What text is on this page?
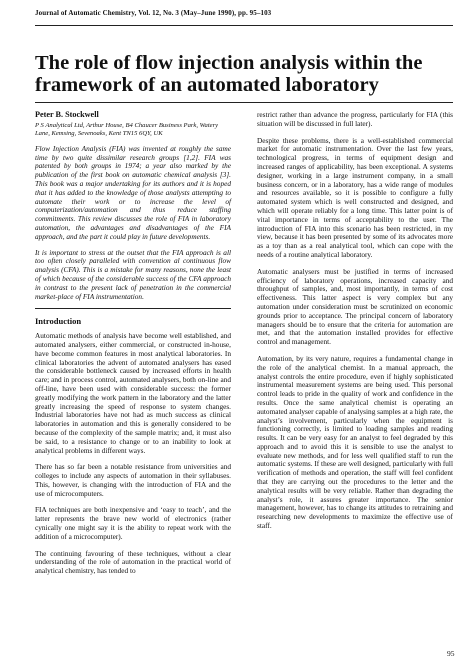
Journal of Automatic Chemistry, Vol. 12, No. 3 (May–June 1990), pp. 95–103
The role of flow injection analysis within the framework of an automated laboratory
Peter B. Stockwell
P S Analytical Ltd, Arthur House, B4 Chaucer Business Park, Watery Lane, Kemsing, Sevenoaks, Kent TN15 6QY, UK

Flow Injection Analysis (FIA) was invented at roughly the same time by two quite dissimilar research groups [1,2]. FIA was patented by both groups in 1974; a year also marked by the publication of the first book on automatic chemical analysis [3]. This book was a major undertaking for its authors and it is hoped that it has added to the knowledge of those analysts attempting to automate their work or to increase the level of computerization/automation and thus reduce staffing commitments. This review discusses the role of FIA in laboratory automation, the advantages and disadvantages of the FIA approach, and the part it could play in future developments.

It is important to stress at the outset that the FIA approach is all too often closely paralleled with convention al continuous flow analysis (CFA). This is a mistake for many reasons, none the least of which because of the considerable success of the CFA approach in contrast to the present lack of penetration in the commercial market-place of FIA instrumentation.

Introduction

Automatic methods of analysis have become well established, and automated analysers, either commercial, or constructed in-house, have become common features in most analytical laboratories. In clinical laboratories the advent of automated analysers has eased the considerable bottleneck caused by increased efforts in health care; and in process control, automated analysers, both on-line and off-line, have been used with considerable success: the former greatly modifying the work pattern in the laboratory and the latter greatly increasing the speed of response to system changes. Industrial laboratories have not had as much success as clinical laboratories in automation and this is generally considered to be because of the complexity of the sample matrix; and, it must also be said, to a resistance to change or to an inability to look at analytical problems in different ways.

There has so far been a notable resistance from universities and colleges to include any aspects of automation in their syllabuses. This, however, is changing with the introduction of FIA and the use of microcomputers.

FIA techniques are both inexpensive and ‘easy to teach’, and the latter represents the brave new world of electronics (rather cynically one might say it is the ability to repeat work with the addition of a microcomputer).

The continuing favouring of these techniques, without a clear understanding of the role of automation in the practical world of analytical chemistry, has tended to

restrict rather than advance the progress, particularly for FIA (this situation will be discussed in full later).

Despite these problems, there is a well-established commercial market for automatic instrumentation. Over the last few years, technological progress, in terms of equipment design and increased ranges of applicability, has been exceptional. A systems designer, working in a large instrument company, in a small business concern, or in a laboratory, has a wide range of modules and resources available, so it is possible to configure a fully automated system which is well constructed and designed, and which will operate reliably for a long time. This latter point is of vital importance in terms of acceptability to the user. The introduction of FIA into this scenario has been restricted, in my view, because it has been presented by some of its advocates more as a toy than as a real analytical tool, which can cope with the needs of a routine analytical laboratory.

Automatic analysers must be justified in terms of increased efficiency of laboratory operations, increased capacity and throughput of samples, and, most importantly, in terms of cost effectiveness. This latter aspect is very complex but any automation under consideration must be scrutinized on economic grounds prior to acceptance. The principal concern of laboratory managers should be to ensure that the criteria for automation are met, and that the automation installed provides for effective control and management.

Automation, by its very nature, requires a fundamental change in the role of the analytical chemist. In a manual approach, the analyst controls the entire procedure, even if highly sophisticated instrumental measurement systems are being used. This personal control leads to pride in the quality of work and confidence in the results. Once the same analytical chemist is operating an automated analyser capable of analysing samples at a high rate, the analyst’s involvement, particularly when the equipment is functioning correctly, is limited to loading samples and reading results. It can be very easy for an analyst to feel degraded by this approach and to avoid this it is sensible to use the analyst to evaluate new methods, and for less well qualified staff to run the automatic systems. If these are well designed, particularly with full verification of methods and operation, the staff will feel confident that they are carrying out the procedures to the letter and the analytical results will be very reliable. Rather than degrading the analyst’s role, it assures greater importance. The senior management, however, has to change its attitudes to retraining and researching new developments to maximize the effective use of staff.

95
